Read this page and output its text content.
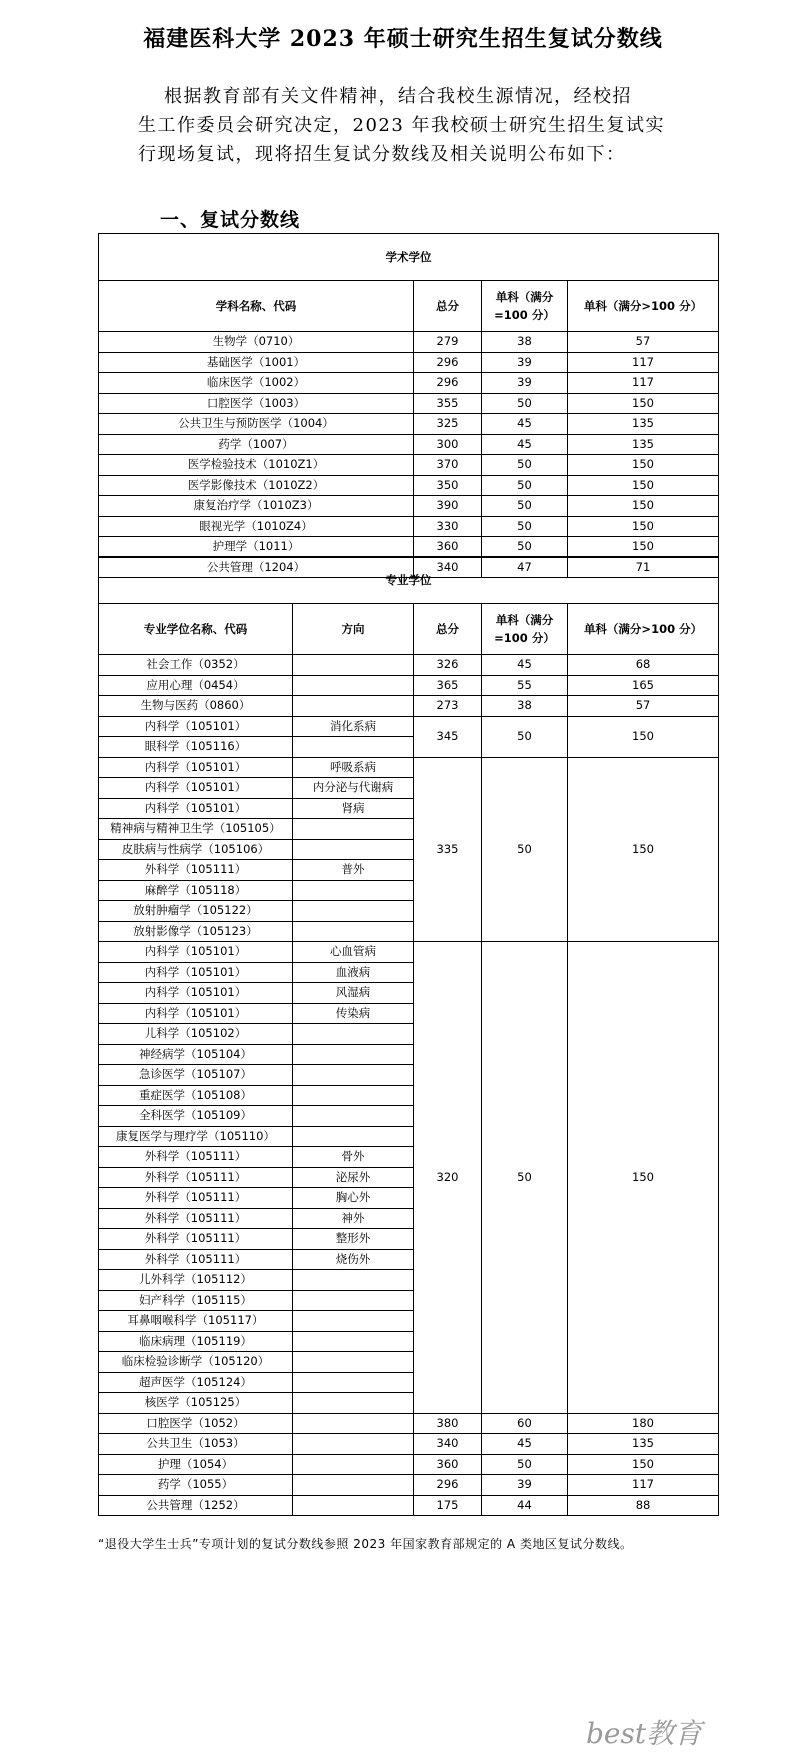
福建医科大学 2023 年硕士研究生招生复试分数线
根据教育部有关文件精神，结合我校生源情况，经校招
生工作委员会研究决定，2023 年我校硕士研究生招生复试实
行现场复试，现将招生复试分数线及相关说明公布如下：
一、复试分数线
学术学位			
学科名称、代码	总分	单科（满分=100 分）	单科（满分>100 分）
生物学（0710）	279	38	57
基础医学（1001）	296	39	117
临床医学（1002）	296	39	117
口腔医学（1003）	355	50	150
公共卫生与预防医学（1004）	325	45	135
药学（1007）	300	45	135
医学检验技术（1010Z1）	370	50	150
医学影像技术（1010Z2）	350	50	150
康复治疗学（1010Z3）	390	50	150
眼视光学（1010Z4）	330	50	150
护理学（1011）	360	50	150
公共管理（1204）	340	47	71
专业学位				
专业学位名称、代码	方向	总分	单科（满分=100 分）	单科（满分>100 分）
社会工作（0352）		326	45	68
应用心理（0454）		365	55	165
生物与医药（0860）		273	38	57
内科学（105101）	消化系病	345	50	150
眼科学（105116）				
内科学（105101）	呼吸系病	335	50	150
内科学（105101）	内分泌与代谢病			
内科学（105101）	肾病			
精神病与精神卫生学（105105）				
皮肤病与性病学（105106）				
外科学（105111）	普外			
麻醉学（105118）				
放射肿瘤学（105122）				
放射影像学（105123）				
内科学（105101）	心血管病	320	50	150
内科学（105101）	血液病			
内科学（105101）	风湿病			
内科学（105101）	传染病			
儿科学（105102）				
神经病学（105104）				
急诊医学（105107）				
重症医学（105108）				
全科医学（105109）				
康复医学与理疗学（105110）				
外科学（105111）	骨外			
外科学（105111）	泌尿外			
外科学（105111）	胸心外			
外科学（105111）	神外			
外科学（105111）	整形外			
外科学（105111）	烧伤外			
儿外科学（105112）				
妇产科学（105115）				
耳鼻咽喉科学（105117）				
临床病理（105119）				
临床检验诊断学（105120）				
超声医学（105124）				
核医学（105125）				
口腔医学（1052）		380	60	180
公共卫生（1053）		340	45	135
护理（1054）		360	50	150
药学（1055）		296	39	117
公共管理（1252）		175	44	88
“退役大学生士兵”专项计划的复试分数线参照 2023 年国家教育部规定的 A 类地区复试分数线。
best教育
